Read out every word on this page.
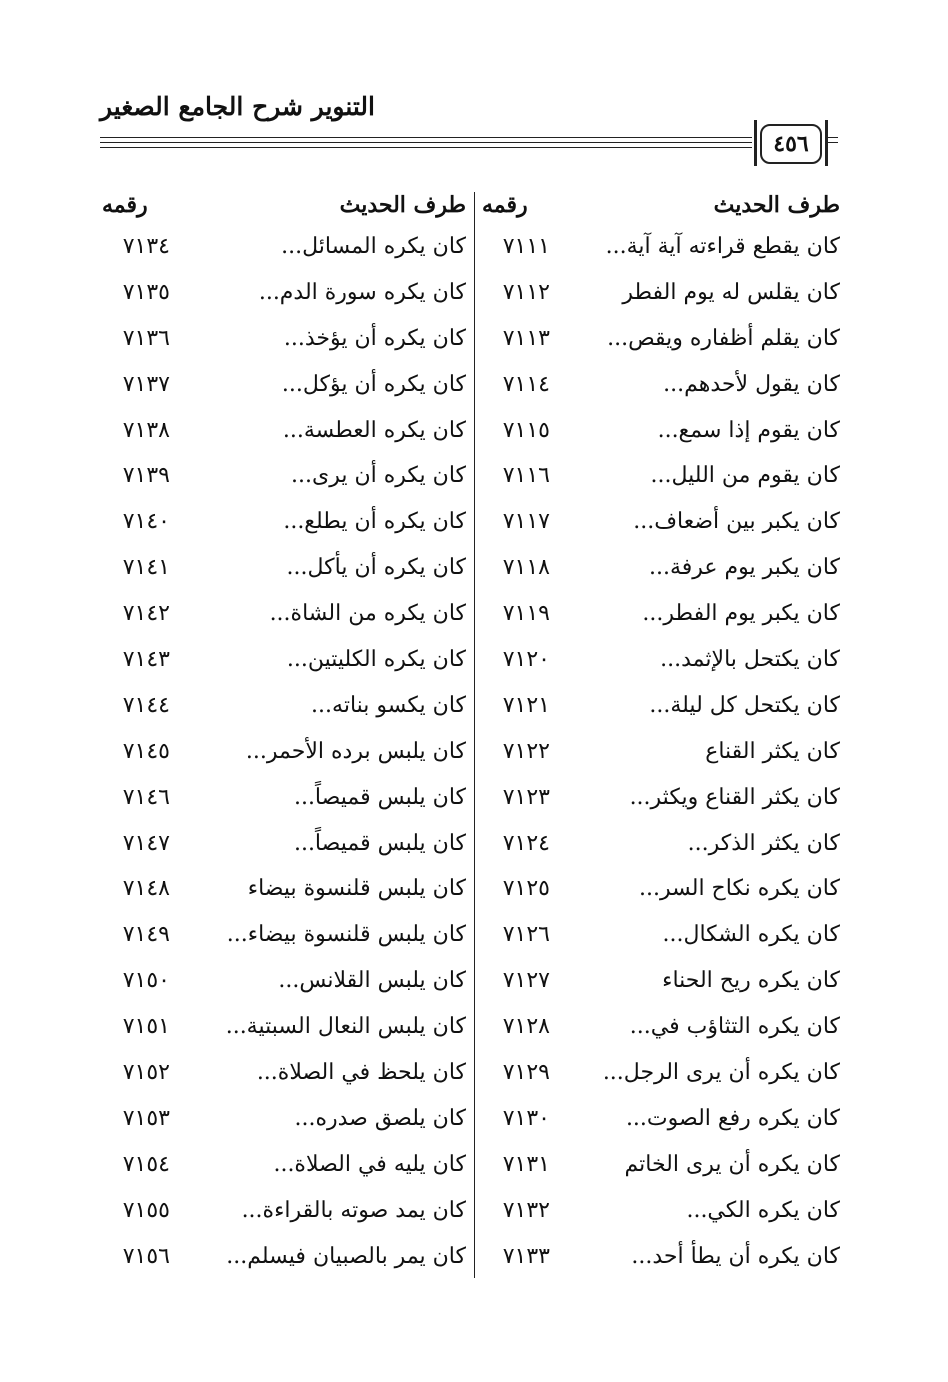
التنوير شرح الجامع الصغير
٤٥٦
طرف الحديث
رقمه
طرف الحديث
رقمه
كان يقطع قراءته آية آية...
٧١١١
كان يكره المسائل...
٧١٣٤
كان يقلس له يوم الفطر
٧١١٢
كان يكره سورة الدم...
٧١٣٥
كان يقلم أظفاره ويقص...
٧١١٣
كان يكره أن يؤخذ...
٧١٣٦
كان يقول لأحدهم...
٧١١٤
كان يكره أن يؤكل...
٧١٣٧
كان يقوم إذا سمع...
٧١١٥
كان يكره العطسة...
٧١٣٨
كان يقوم من الليل...
٧١١٦
كان يكره أن يرى...
٧١٣٩
كان يكبر بين أضعاف...
٧١١٧
كان يكره أن يطلع...
٧١٤٠
كان يكبر يوم عرفة...
٧١١٨
كان يكره أن يأكل...
٧١٤١
كان يكبر يوم الفطر...
٧١١٩
كان يكره من الشاة...
٧١٤٢
كان يكتحل بالإثمد...
٧١٢٠
كان يكره الكليتين...
٧١٤٣
كان يكتحل كل ليلة...
٧١٢١
كان يكسو بناته...
٧١٤٤
كان يكثر القناع
٧١٢٢
كان يلبس برده الأحمر...
٧١٤٥
كان يكثر القناع ويكثر...
٧١٢٣
كان يلبس قميصاً...
٧١٤٦
كان يكثر الذكر...
٧١٢٤
كان يلبس قميصاً...
٧١٤٧
كان يكره نكاح السر...
٧١٢٥
كان يلبس قلنسوة بيضاء
٧١٤٨
كان يكره الشكال...
٧١٢٦
كان يلبس قلنسوة بيضاء...
٧١٤٩
كان يكره ريح الحناء
٧١٢٧
كان يلبس القلانس...
٧١٥٠
كان يكره التثاؤب في...
٧١٢٨
كان يلبس النعال السبتية...
٧١٥١
كان يكره أن يرى الرجل...
٧١٢٩
كان يلحظ في الصلاة...
٧١٥٢
كان يكره رفع الصوت...
٧١٣٠
كان يلصق صدره...
٧١٥٣
كان يكره أن يرى الخاتم
٧١٣١
كان يليه في الصلاة...
٧١٥٤
كان يكره الكي...
٧١٣٢
كان يمد صوته بالقراءة...
٧١٥٥
كان يكره أن يطأ أحد...
٧١٣٣
كان يمر بالصبيان فيسلم...
٧١٥٦
